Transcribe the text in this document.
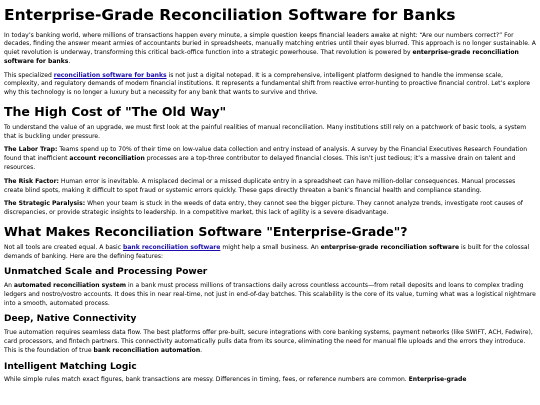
Enterprise-Grade Reconciliation Software for Banks

In today’s banking world, where millions of transactions happen every minute, a simple question keeps financial leaders awake at night: “Are our numbers correct?” For decades, finding the answer meant armies of accountants buried in spreadsheets, manually matching entries until their eyes blurred. This approach is no longer sustainable. A quiet revolution is underway, transforming this critical back-office function into a strategic powerhouse. That revolution is powered by enterprise-grade reconciliation software for banks.

This specialized reconciliation software for banks is not just a digital notepad. It is a comprehensive, intelligent platform designed to handle the immense scale, complexity, and regulatory demands of modern financial institutions. It represents a fundamental shift from reactive error-hunting to proactive financial control. Let’s explore why this technology is no longer a luxury but a necessity for any bank that wants to survive and thrive.

The High Cost of "The Old Way"

To understand the value of an upgrade, we must first look at the painful realities of manual reconciliation. Many institutions still rely on a patchwork of basic tools, a system that is buckling under pressure.

The Labor Trap: Teams spend up to 70% of their time on low-value data collection and entry instead of analysis. A survey by the Financial Executives Research Foundation found that inefficient account reconciliation processes are a top-three contributor to delayed financial closes. This isn’t just tedious; it’s a massive drain on talent and resources.

The Risk Factor: Human error is inevitable. A misplaced decimal or a missed duplicate entry in a spreadsheet can have million-dollar consequences. Manual processes create blind spots, making it difficult to spot fraud or systemic errors quickly. These gaps directly threaten a bank’s financial health and compliance standing.

The Strategic Paralysis: When your team is stuck in the weeds of data entry, they cannot see the bigger picture. They cannot analyze trends, investigate root causes of discrepancies, or provide strategic insights to leadership. In a competitive market, this lack of agility is a severe disadvantage.

What Makes Reconciliation Software "Enterprise-Grade"?

Not all tools are created equal. A basic bank reconciliation software might help a small business. An enterprise-grade reconciliation software is built for the colossal demands of banking. Here are the defining features:

Unmatched Scale and Processing Power

An automated reconciliation system in a bank must process millions of transactions daily across countless accounts—from retail deposits and loans to complex trading ledgers and nostro/vostro accounts. It does this in near real-time, not just in end-of-day batches. This scalability is the core of its value, turning what was a logistical nightmare into a smooth, automated process.

Deep, Native Connectivity

True automation requires seamless data flow. The best platforms offer pre-built, secure integrations with core banking systems, payment networks (like SWIFT, ACH, Fedwire), card processors, and fintech partners. This connectivity automatically pulls data from its source, eliminating the need for manual file uploads and the errors they introduce. This is the foundation of true bank reconciliation automation.

Intelligent Matching Logic

While simple rules match exact figures, bank transactions are messy. Differences in timing, fees, or reference numbers are common. Enterprise-grade
